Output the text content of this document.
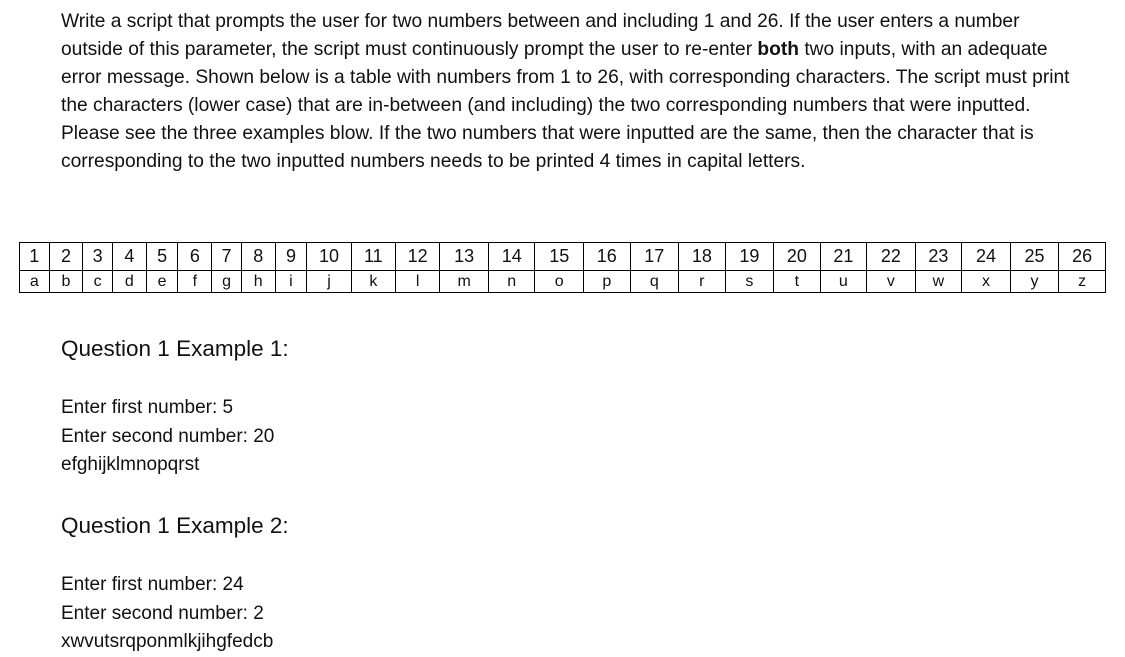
Write a script that prompts the user for two numbers between and including 1 and 26. If the user enters a number outside of this parameter, the script must continuously prompt the user to re-enter both two inputs, with an adequate error message. Shown below is a table with numbers from 1 to 26, with corresponding characters. The script must print the characters (lower case) that are in-between (and including) the two corresponding numbers that were inputted. Please see the three examples blow. If the two numbers that were inputted are the same, then the character that is corresponding to the two inputted numbers needs to be printed 4 times in capital letters.

1	2	3	4	5	6	7	8	9	10	11	12	13	14	15	16	17	18	19	20	21	22	23	24	25	26
a	b	c	d	e	f	g	h	i	j	k	l	m	n	o	p	q	r	s	t	u	v	w	x	y	z
Question 1 Example 1:
Enter first number: 5
Enter second number: 20
efghijklmnopqrst
Question 1 Example 2:
Enter first number: 24
Enter second number: 2
xwvutsrqponmlkjihgfedcb
